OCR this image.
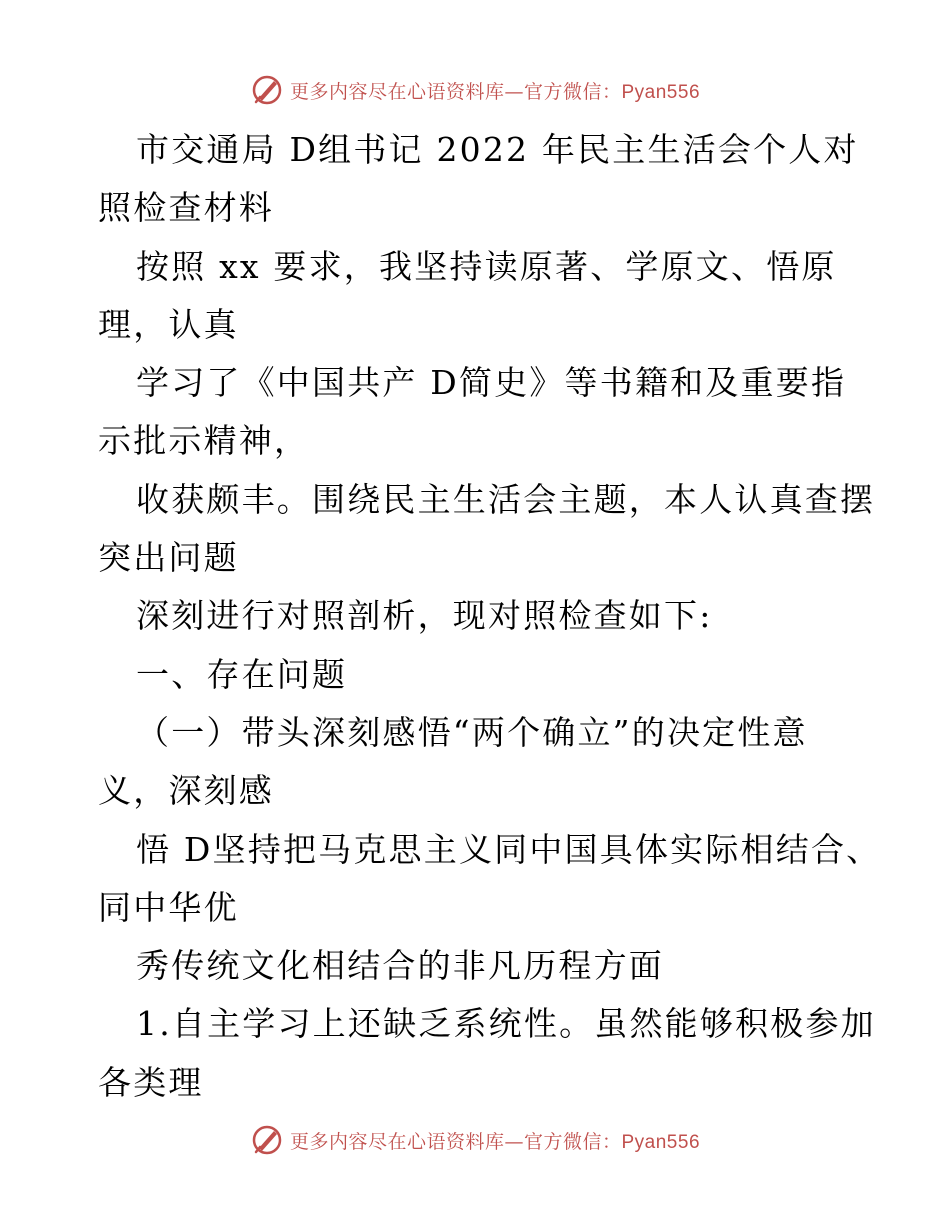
更多内容尽在心语资料库—官方微信：Pyan556
市交通局 D组书记 2022 年民主生活会个人对
照检查材料
按照 xx 要求，我坚持读原著、学原文、悟原
理，认真
学习了《中国共产 D简史》等书籍和及重要指
示批示精神，
收获颇丰。围绕民主生活会主题，本人认真查摆
突出问题
深刻进行对照剖析，现对照检查如下:
一、存在问题
（一）带头深刻感悟“两个确立”的决定性意
义，深刻感
悟 D坚持把马克思主义同中国具体实际相结合、
同中华优
秀传统文化相结合的非凡历程方面
1.自主学习上还缺乏系统性。虽然能够积极参加
各类理
更多内容尽在心语资料库—官方微信：Pyan556
